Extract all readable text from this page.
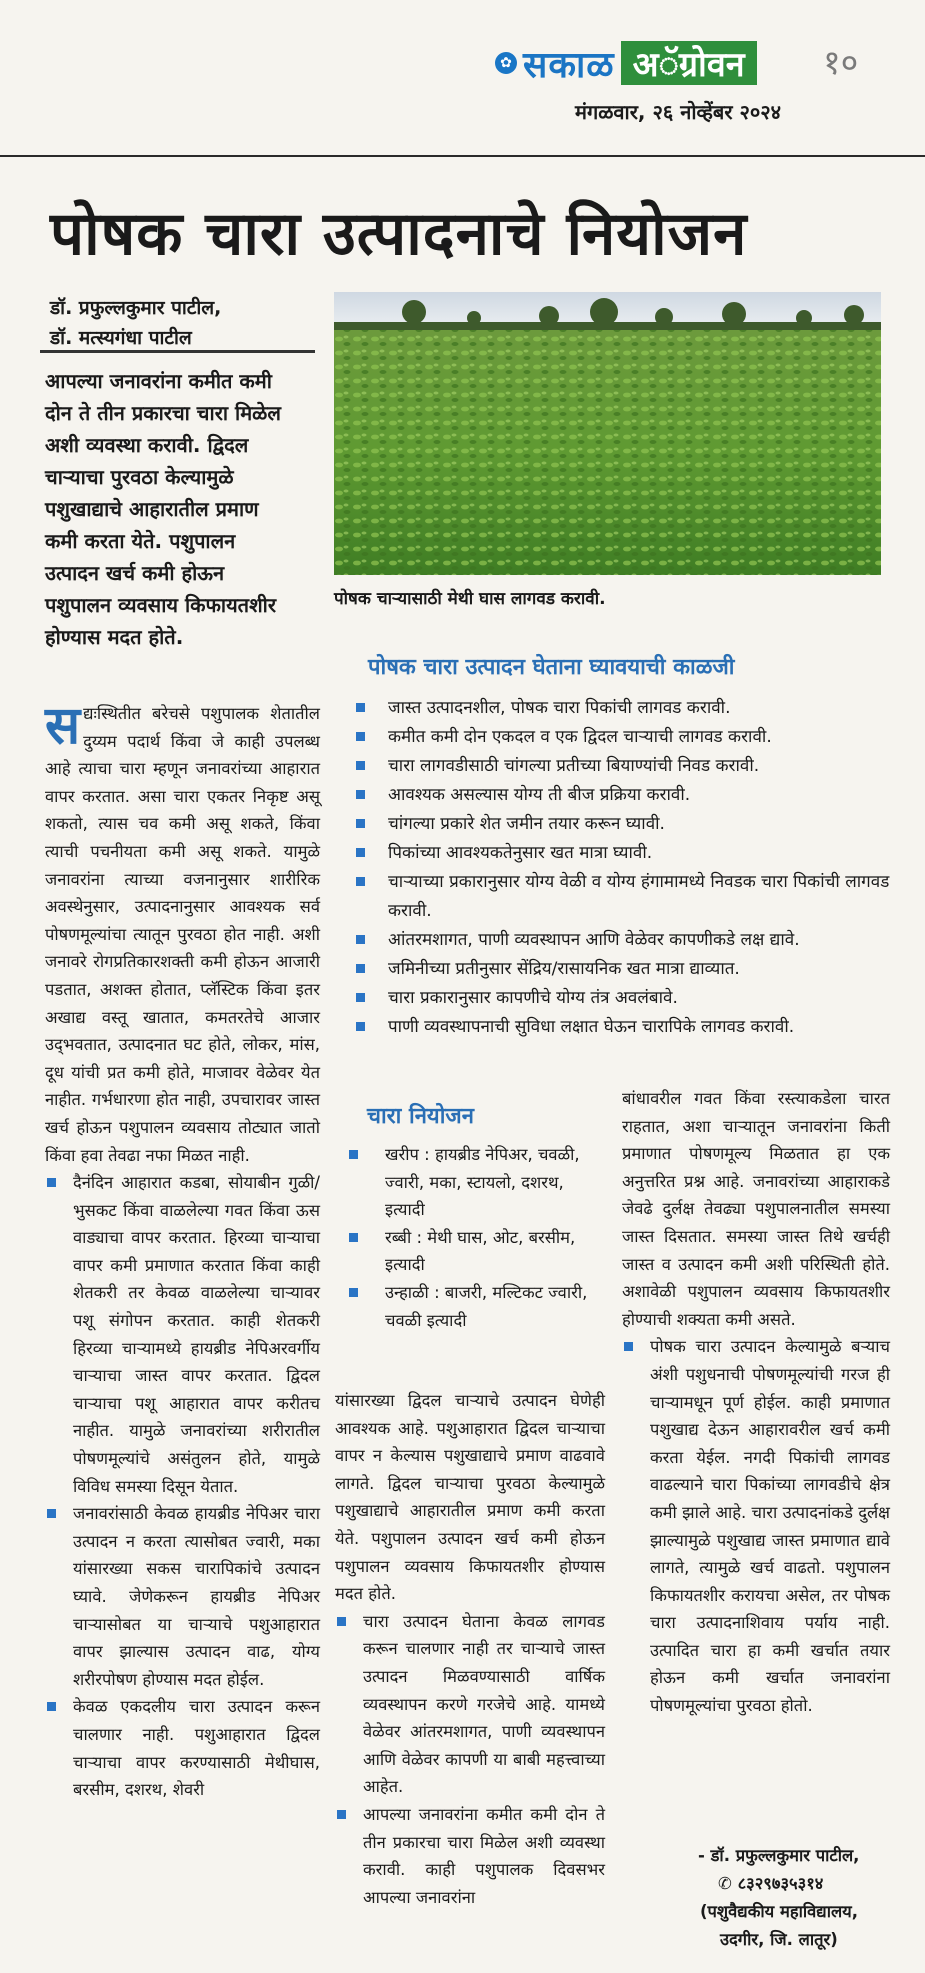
✿ सकाळ अॅग्रोवन	१०
मंगळवार, २६ नोव्हेंबर २०२४
पोषक चारा उत्पादनाचे नियोजन
डॉ. प्रफुल्लकुमार पाटील,
डॉ. मत्स्यगंधा पाटील
आपल्या जनावरांना कमीत कमी
दोन ते तीन प्रकारचा चारा मिळेल
अशी व्यवस्था करावी. द्विदल
चाऱ्याचा पुरवठा केल्यामुळे
पशुखाद्याचे आहारातील प्रमाण
कमी करता येते. पशुपालन
उत्पादन खर्च कमी होऊन
पशुपालन व्यवसाय किफायतशीर
होण्यास मदत होते.
पोषक चाऱ्यासाठी मेथी घास लागवड करावी.
पोषक चारा उत्पादन घेताना घ्यावयाची काळजी
जास्त उत्पादनशील, पोषक चारा पिकांची लागवड करावी.
कमीत कमी दोन एकदल व एक द्विदल चाऱ्याची लागवड करावी.
चारा लागवडीसाठी चांगल्या प्रतीच्या बियाण्यांची निवड करावी.
आवश्यक असल्यास योग्य ती बीज प्रक्रिया करावी.
चांगल्या प्रकारे शेत जमीन तयार करून घ्यावी.
पिकांच्या आवश्यकतेनुसार खत मात्रा घ्यावी.
चाऱ्याच्या प्रकारानुसार योग्य वेळी व योग्य हंगामामध्ये निवडक चारा पिकांची लागवड करावी.
आंतरमशागत, पाणी व्यवस्थापन आणि वेळेवर कापणीकडे लक्ष द्यावे.
जमिनीच्या प्रतीनुसार सेंद्रिय/रासायनिक खत मात्रा द्याव्यात.
चारा प्रकारानुसार कापणीचे योग्य तंत्र अवलंबावे.
पाणी व्यवस्थापनाची सुविधा लक्षात घेऊन चारापिके लागवड करावी.

सद्यःस्थितीत बरेचसे पशुपालक शेतातील दुय्यम पदार्थ किंवा जे काही उपलब्ध आहे त्याचा चारा म्हणून जनावरांच्या आहारात वापर करतात. असा चारा एकतर निकृष्ट असू शकतो, त्यास चव कमी असू शकते, किंवा त्याची पचनीयता कमी असू शकते. यामुळे जनावरांना त्याच्या वजनानुसार शारीरिक अवस्थेनुसार, उत्पादनानुसार आवश्यक सर्व पोषणमूल्यांचा त्यातून पुरवठा होत नाही. अशी जनावरे रोगप्रतिकारशक्ती कमी होऊन आजारी पडतात, अशक्त होतात, प्लॅस्टिक किंवा इतर अखाद्य वस्तू खातात, कमतरतेचे आजार उद्‍भवतात, उत्पादनात घट होते, लोकर, मांस, दूध यांची प्रत कमी होते, माजावर वेळेवर येत नाहीत. गर्भधारणा होत नाही, उपचारावर जास्त खर्च होऊन पशुपालन व्यवसाय तोट्यात जातो किंवा हवा तेवढा नफा मिळत नाही.

दैनंदिन आहारात कडबा, सोयाबीन गुळी/भुसकट किंवा वाळलेल्या गवत किंवा ऊस वाड्याचा वापर करतात. हिरव्या चाऱ्याचा वापर कमी प्रमाणात करतात किंवा काही शेतकरी तर केवळ वाळलेल्या चाऱ्यावर पशू संगोपन करतात. काही शेतकरी हिरव्या चाऱ्यामध्ये हायब्रीड नेपिअरवर्गीय चाऱ्याचा जास्त वापर करतात. द्विदल चाऱ्याचा पशू आहारात वापर करीतच नाहीत. यामुळे जनावरांच्या शरीरातील पोषणमूल्यांचे असंतुलन होते, यामुळे विविध समस्या दिसून येतात.
जनावरांसाठी केवळ हायब्रीड नेपिअर चारा उत्पादन न करता त्यासोबत ज्वारी, मका यांसारख्या सकस चारापिकांचे उत्पादन घ्यावे. जेणेकरून हायब्रीड नेपिअर चाऱ्यासोबत या चाऱ्याचे पशुआहारात वापर झाल्यास उत्पादन वाढ, योग्य शरीरपोषण होण्यास मदत होईल.
केवळ एकदलीय चारा उत्पादन करून चालणार नाही. पशुआहारात द्विदल चाऱ्याचा वापर करण्यासाठी मेथीघास, बरसीम, दशरथ, शेवरी
चारा नियोजन
खरीप : हायब्रीड नेपिअर, चवळी, ज्वारी, मका, स्टायलो, दशरथ, इत्यादी
रब्बी : मेथी घास, ओट, बरसीम, इत्यादी
उन्हाळी : बाजरी, मल्टिकट ज्वारी, चवळी इत्यादी

यांसारख्या द्विदल चाऱ्याचे उत्पादन घेणेही आवश्यक आहे. पशुआहारात द्विदल चाऱ्याचा वापर न केल्यास पशुखाद्याचे प्रमाण वाढवावे लागते. द्विदल चाऱ्याचा पुरवठा केल्यामुळे पशुखाद्याचे आहारातील प्रमाण कमी करता येते. पशुपालन उत्पादन खर्च कमी होऊन पशुपालन व्यवसाय किफायतशीर होण्यास मदत होते.

चारा उत्पादन घेताना केवळ लागवड करून चालणार नाही तर चाऱ्याचे जास्त उत्पादन मिळवण्यासाठी वार्षिक व्यवस्थापन करणे गरजेचे आहे. यामध्ये वेळेवर आंतरमशागत, पाणी व्यवस्थापन आणि वेळेवर कापणी या बाबी महत्त्वाच्या आहेत.
आपल्या जनावरांना कमीत कमी दोन ते तीन प्रकारचा चारा मिळेल अशी व्यवस्था करावी. काही पशुपालक दिवसभर आपल्या जनावरांना

बांधावरील गवत किंवा रस्त्याकडेला चारत राहतात, अशा चाऱ्यातून जनावरांना किती प्रमाणात पोषणमूल्य मिळतात हा एक अनुत्तरित प्रश्न आहे. जनावरांच्या आहाराकडे जेवढे दुर्लक्ष तेवढ्या पशुपालनातील समस्या जास्त दिसतात. समस्या जास्त तिथे खर्चही जास्त व उत्पादन कमी अशी परिस्थिती होते. अशावेळी पशुपालन व्यवसाय किफायतशीर होण्याची शक्यता कमी असते.

पोषक चारा उत्पादन केल्यामुळे बऱ्याच अंशी पशुधनाची पोषणमूल्यांची गरज ही चाऱ्यामधून पूर्ण होईल. काही प्रमाणात पशुखाद्य देऊन आहारावरील खर्च कमी करता येईल. नगदी पिकांची लागवड वाढल्याने चारा पिकांच्या लागवडीचे क्षेत्र कमी झाले आहे. चारा उत्पादनांकडे दुर्लक्ष झाल्यामुळे पशुखाद्य जास्त प्रमाणात द्यावे लागते, त्यामुळे खर्च वाढतो. पशुपालन किफायतशीर करायचा असेल, तर पोषक चारा उत्पादनाशिवाय पर्याय नाही. उत्पादित चारा हा कमी खर्चात तयार होऊन कमी खर्चात जनावरांना पोषणमूल्यांचा पुरवठा होतो.
- डॉ. प्रफुल्लकुमार पाटील,
✆ ८३२९७३५३१४
(पशुवैद्यकीय महाविद्यालय,
उदगीर, जि. लातूर)
